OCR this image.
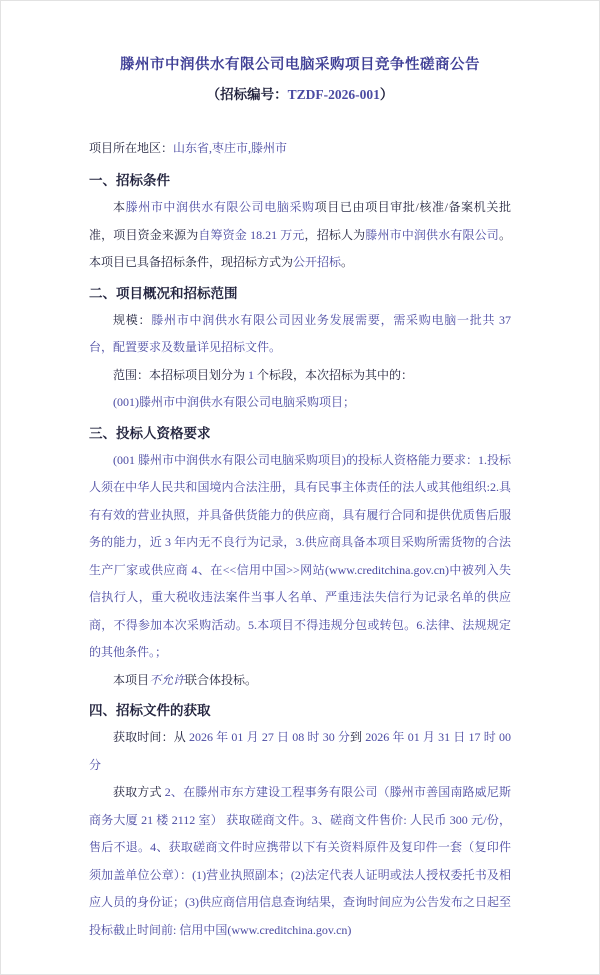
滕州市中润供水有限公司电脑采购项目竞争性磋商公告
（招标编号：TZDF-2026-001）

项目所在地区：山东省,枣庄市,滕州市

一、招标条件

本滕州市中润供水有限公司电脑采购项目已由项目审批/核准/备案机关批准，项目资金来源为自筹资金 18.21 万元，招标人为滕州市中润供水有限公司。本项目已具备招标条件，现招标方式为公开招标。

二、项目概况和招标范围

规模：滕州市中润供水有限公司因业务发展需要，需采购电脑一批共 37 台，配置要求及数量详见招标文件。

范围：本招标项目划分为 1 个标段，本次招标为其中的：

(001)滕州市中润供水有限公司电脑采购项目；

三、投标人资格要求

(001 滕州市中润供水有限公司电脑采购项目)的投标人资格能力要求：1.投标人须在中华人民共和国境内合法注册，具有民事主体责任的法人或其他组织:2.具有有效的营业执照，并具备供货能力的供应商，具有履行合同和提供优质售后服务的能力，近 3 年内无不良行为记录，3.供应商具备本项目采购所需货物的合法生产厂家或供应商 4、在<<信用中国>>网站(www.creditchina.gov.cn)中被列入失信执行人，重大税收违法案件当事人名单、严重违法失信行为记录名单的供应商，不得参加本次采购活动。5.本项目不得违规分包或转包。6.法律、法规规定的其他条件。；

本项目不允许联合体投标。

四、招标文件的获取

获取时间：从 2026 年 01 月 27 日 08 时 30 分到 2026 年 01 月 31 日 17 时 00 分

获取方式 2、在滕州市东方建设工程事务有限公司（滕州市善国南路威尼斯商务大厦 21 楼 2112 室） 获取磋商文件。3、磋商文件售价: 人民币 300 元/份，售后不退。4、获取磋商文件时应携带以下有关资料原件及复印件一套（复印件须加盖单位公章）：(1)营业执照副本；(2)法定代表人证明或法人授权委托书及相应人员的身份证；(3)供应商信用信息查询结果，查询时间应为公告发布之日起至投标截止时间前: 信用中国(www.creditchina.gov.cn)
